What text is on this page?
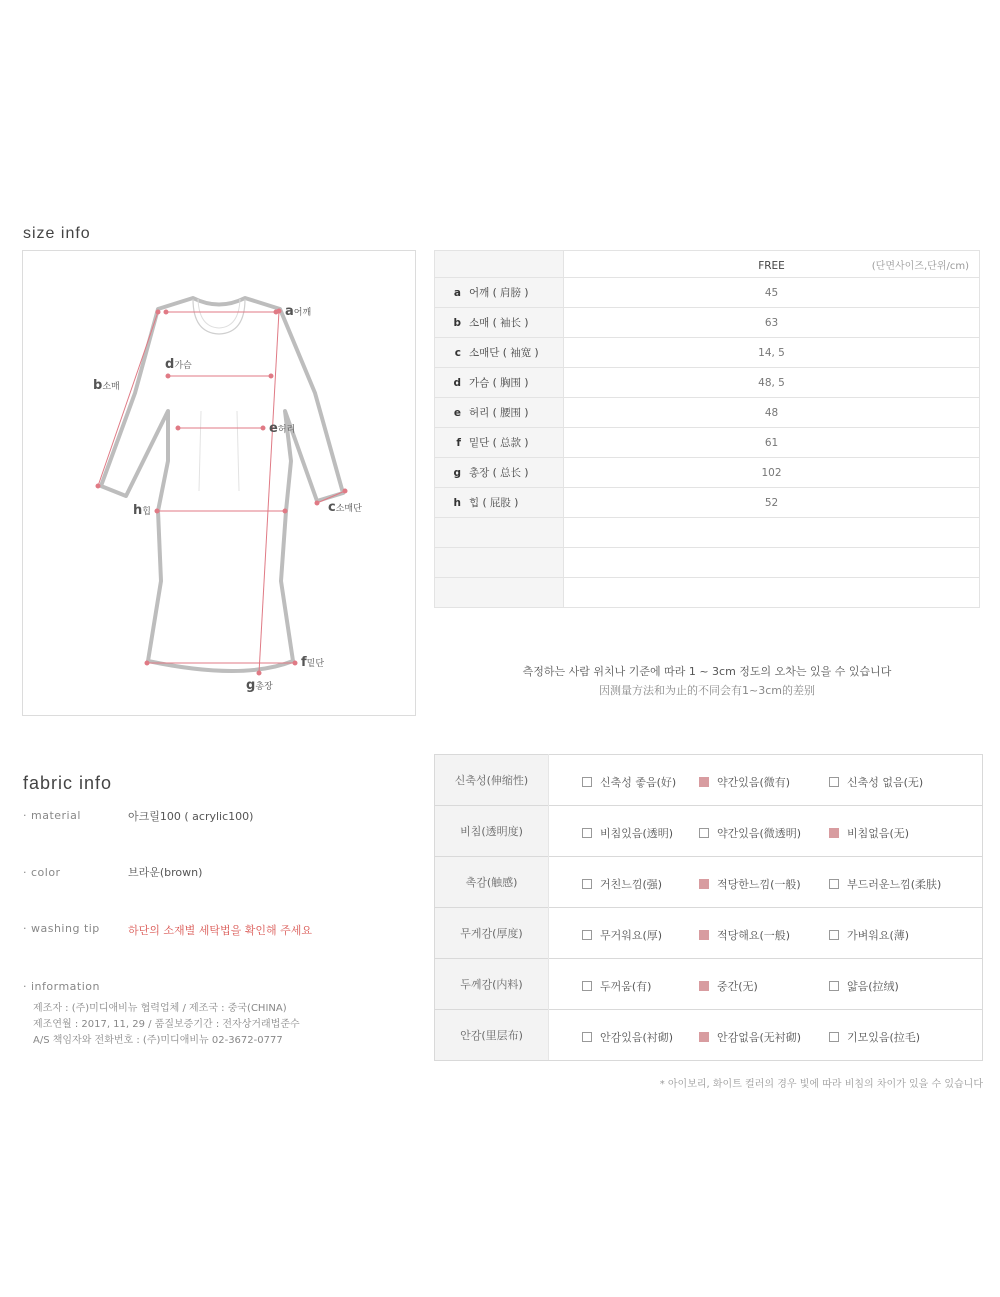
size info
a어깨
b소매
c소매단
d가슴
e허리
f밑단
g총장
h힙
	FREE (단면사이즈,단위/cm)

a 어깨 ( 肩膀 )	45
b 소매 ( 袖长 )	63
c 소매단 ( 袖宽 )	14, 5
d 가슴 ( 胸围 )	48, 5
e 허리 ( 腰围 )	48
f 밑단 ( 总款 )	61
g 총장 ( 总长 )	102
h 힙 ( 屁股 )	52

측정하는 사람 위치나 기준에 따라 1 ~ 3cm 정도의 오차는 있을 수 있습니다
因测量方法和为止的不同会有1~3cm的差别
fabric info
· material	아크릴100 ( acrylic100)
· color	브라운(brown)
· washing tip	하단의 소재별 세탁법을 확인해 주세요
· information
제조자 : (주)미디애비뉴 협력업체 / 제조국 : 중국(CHINA)
제조연월 : 2017, 11, 29 / 품질보증기간 : 전자상거래법준수
A/S 책임자와 전화번호 : (주)미디애비뉴 02-3672-0777
신축성(伸缩性)	신축성 좋음(好) 약간있음(微有) 신축성 없음(无)

비침(透明度)	비침있음(透明) 약간있음(微透明) 비침없음(无)

촉감(触感)	거친느낌(强) 적당한느낌(一般) 부드러운느낌(柔肤)

무게감(厚度)	무거워요(厚) 적당해요(一般) 가벼워요(薄)

두께감(内料)	두꺼움(有) 중간(无) 얇음(拉绒)

안감(里层布)	안감있음(衬砌) 안감없음(无衬砌) 기모있음(拉毛)
* 아이보리, 화이트 컬러의 경우 빛에 따라 비침의 차이가 있을 수 있습니다
